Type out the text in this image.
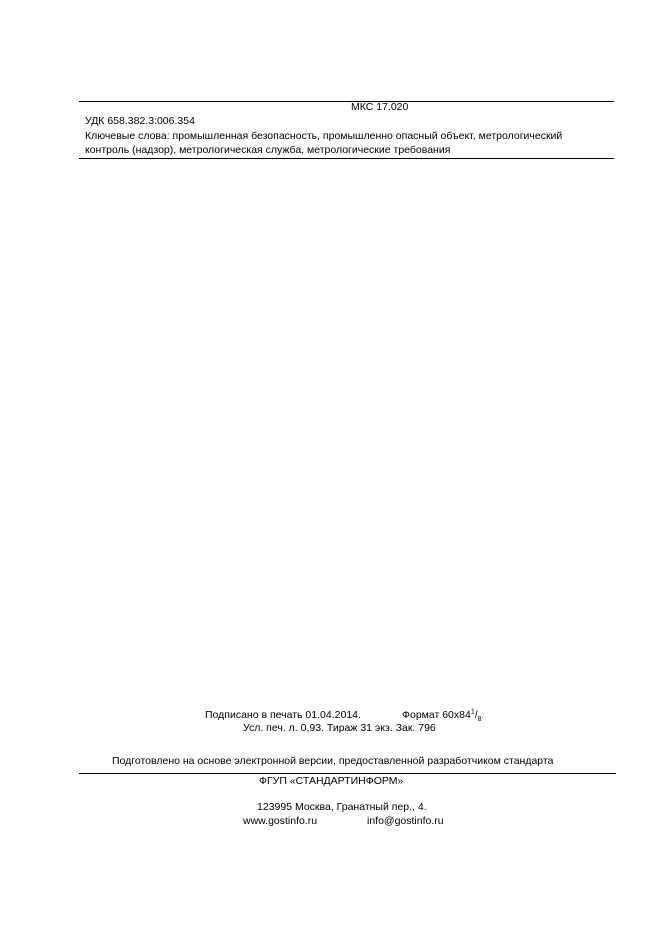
МКС 17.020
УДК 658.382.3:006.354
Ключевые слова: промышленная безопасность, промышленно опасный объект, метрологический
контроль (надзор), метрологическая служба, метрологические требования
Подписано в печать 01.04.2014.	Формат $60х84^1/_8$.
Усл. печ. л. 0,93. Тираж 31 экз. Зак. 796
Подготовлено на основе электронной версии, предоставленной разработчиком стандарта
ФГУП «СТАНДАРТИНФОРМ»
123995 Москва, Гранатный пер., 4.
www.gostinfo.ru	info@gostinfo.ru
